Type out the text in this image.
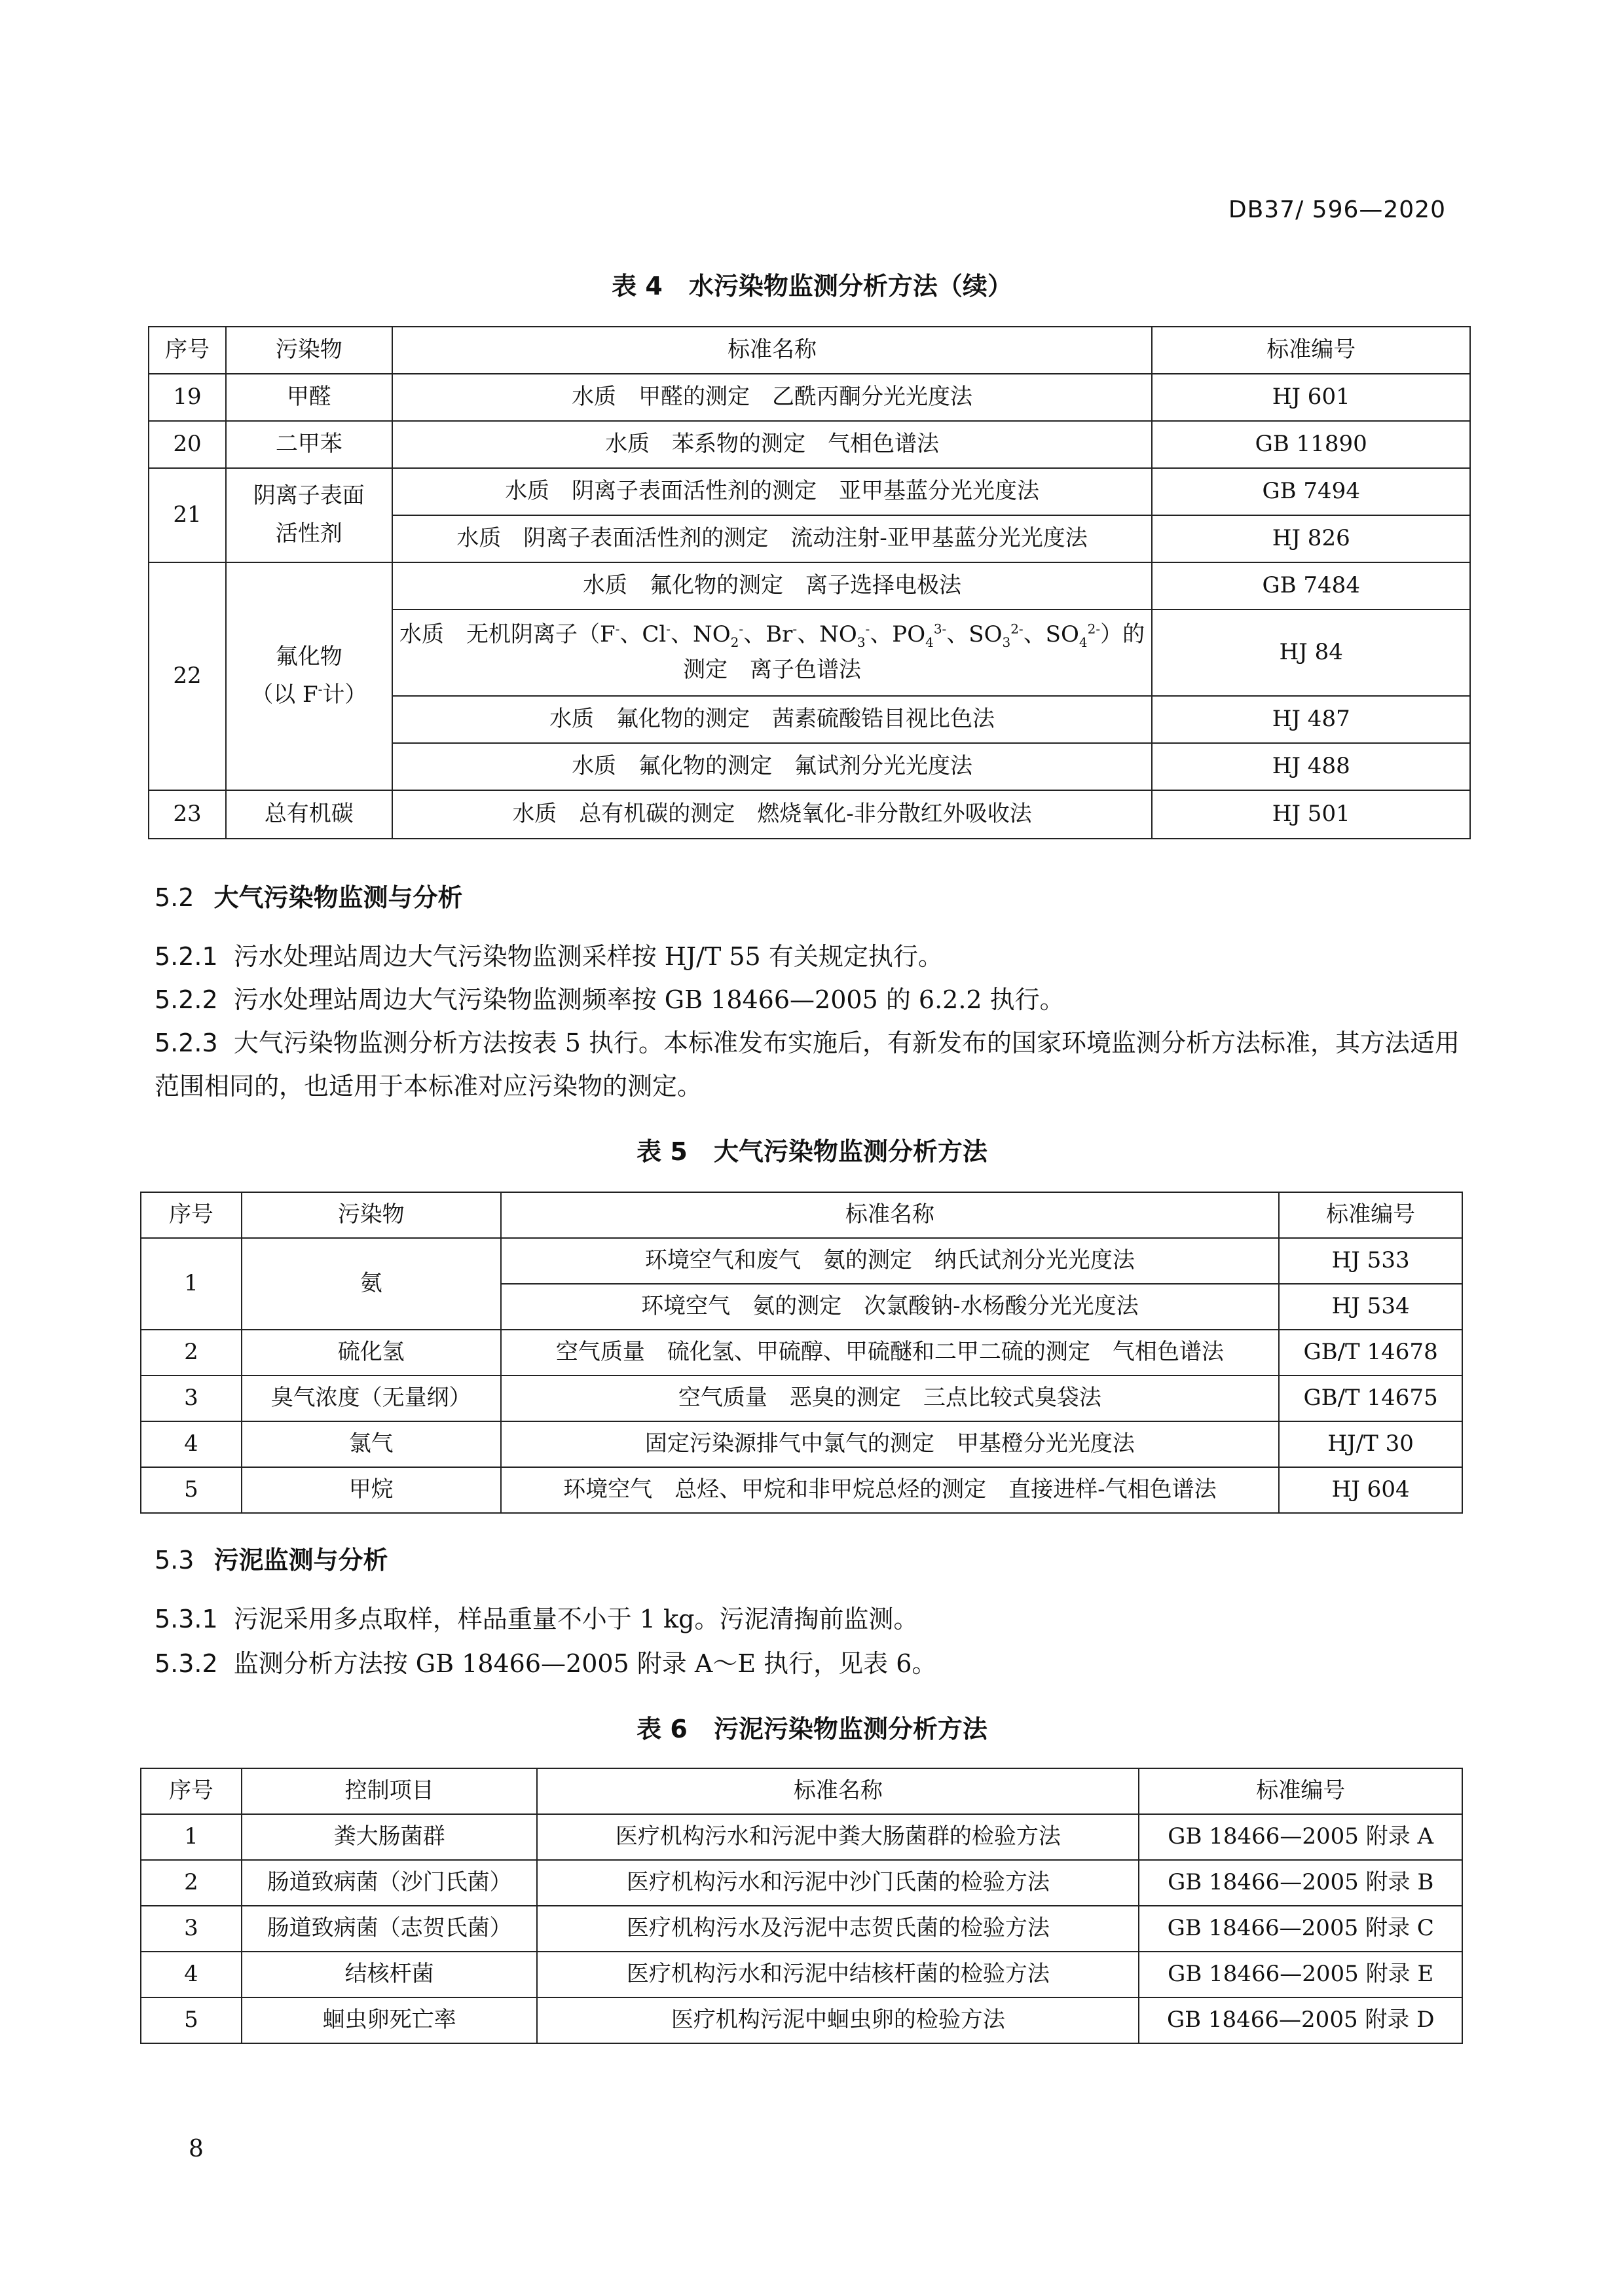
DB37/ 596—2020
表 4 水污染物监测分析方法（续）
序号	污染物	标准名称	标准编号
19	甲醛	水质　甲醛的测定　乙酰丙酮分光光度法	HJ 601
20	二甲苯	水质　苯系物的测定　气相色谱法	GB 11890
21	阴离子表面
活性剂	水质　阴离子表面活性剂的测定　亚甲基蓝分光光度法	GB 7494
		水质　阴离子表面活性剂的测定　流动注射-亚甲基蓝分光光度法	HJ 826
22	氟化物
（以 F-计）	水质　氟化物的测定　离子选择电极法	GB 7484

		水质　无机阴离子（F-、Cl-、$NO_2^-$、Br-、$NO_3^-$、$PO_4^{3-}$、$SO_3^{2-}$、$SO_4^{2-}$）的
测定　离子色谱法	HJ 84
		水质　氟化物的测定　茜素硫酸锆目视比色法	HJ 487
		水质　氟化物的测定　氟试剂分光光度法	HJ 488
23	总有机碳	水质　总有机碳的测定　燃烧氧化-非分散红外吸收法	HJ 501
5.2 大气污染物监测与分析
5.2.1 污水处理站周边大气污染物监测采样按 HJ/T 55 有关规定执行。
5.2.2 污水处理站周边大气污染物监测频率按 GB 18466—2005 的 6.2.2 执行。
5.2.3 大气污染物监测分析方法按表 5 执行。本标准发布实施后，有新发布的国家环境监测分析方法标准，其方法适用范围相同的，也适用于本标准对应污染物的测定。
表 5 大气污染物监测分析方法
序号	污染物	标准名称	标准编号
1	氨	环境空气和废气　氨的测定　纳氏试剂分光光度法	HJ 533
		环境空气　氨的测定　次氯酸钠-水杨酸分光光度法	HJ 534
2	硫化氢	空气质量　硫化氢、甲硫醇、甲硫醚和二甲二硫的测定　气相色谱法	GB/T 14678
3	臭气浓度（无量纲）	空气质量　恶臭的测定　三点比较式臭袋法	GB/T 14675
4	氯气	固定污染源排气中氯气的测定　甲基橙分光光度法	HJ/T 30
5	甲烷	环境空气　总烃、甲烷和非甲烷总烃的测定　直接进样-气相色谱法	HJ 604
5.3 污泥监测与分析
5.3.1 污泥采用多点取样，样品重量不小于 1 kg。污泥清掏前监测。
5.3.2 监测分析方法按 GB 18466—2005 附录 A～E 执行，见表 6。
表 6 污泥污染物监测分析方法
序号	控制项目	标准名称	标准编号
1	粪大肠菌群	医疗机构污水和污泥中粪大肠菌群的检验方法	GB 18466—2005 附录 A
2	肠道致病菌（沙门氏菌）	医疗机构污水和污泥中沙门氏菌的检验方法	GB 18466—2005 附录 B
3	肠道致病菌（志贺氏菌）	医疗机构污水及污泥中志贺氏菌的检验方法	GB 18466—2005 附录 C
4	结核杆菌	医疗机构污水和污泥中结核杆菌的检验方法	GB 18466—2005 附录 E
5	蛔虫卵死亡率	医疗机构污泥中蛔虫卵的检验方法	GB 18466—2005 附录 D
8
